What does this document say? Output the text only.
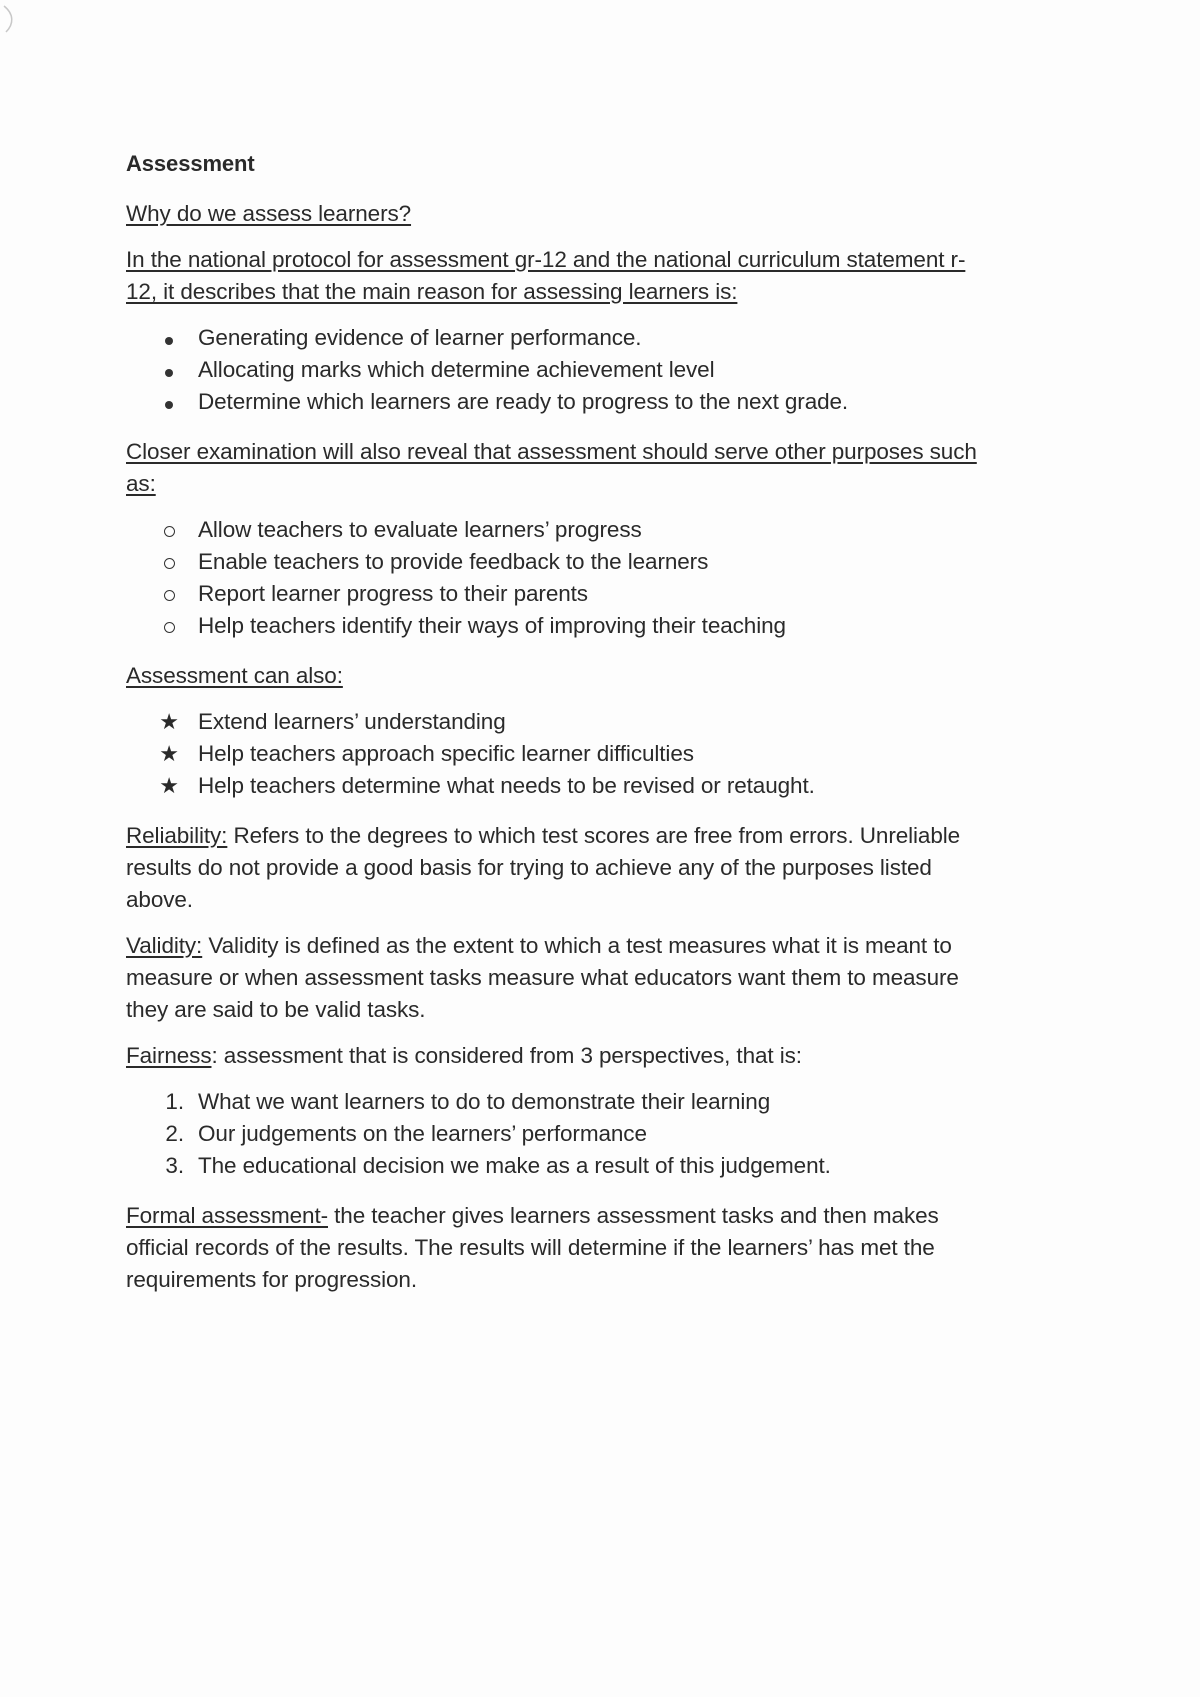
Assessment
Why do we assess learners?
In the national protocol for assessment gr-12 and the national curriculum statement r-
12, it describes that the main reason for assessing learners is:
Generating evidence of learner performance.
Allocating marks which determine achievement level
Determine which learners are ready to progress to the next grade.
Closer examination will also reveal that assessment should serve other purposes such
as:
Allow teachers to evaluate learners’ progress
Enable teachers to provide feedback to the learners
Report learner progress to their parents
Help teachers identify their ways of improving their teaching
Assessment can also:
★ Extend learners’ understanding
★ Help teachers approach specific learner difficulties
★ Help teachers determine what needs to be revised or retaught.
Reliability: Refers to the degrees to which test scores are free from errors. Unreliable
results do not provide a good basis for trying to achieve any of the purposes listed
above.
Validity: Validity is defined as the extent to which a test measures what it is meant to
measure or when assessment tasks measure what educators want them to measure
they are said to be valid tasks.
Fairness: assessment that is considered from 3 perspectives, that is:
1. What we want learners to do to demonstrate their learning
2. Our judgements on the learners’ performance
3. The educational decision we make as a result of this judgement.
Formal assessment- the teacher gives learners assessment tasks and then makes
official records of the results. The results will determine if the learners’ has met the
requirements for progression.
